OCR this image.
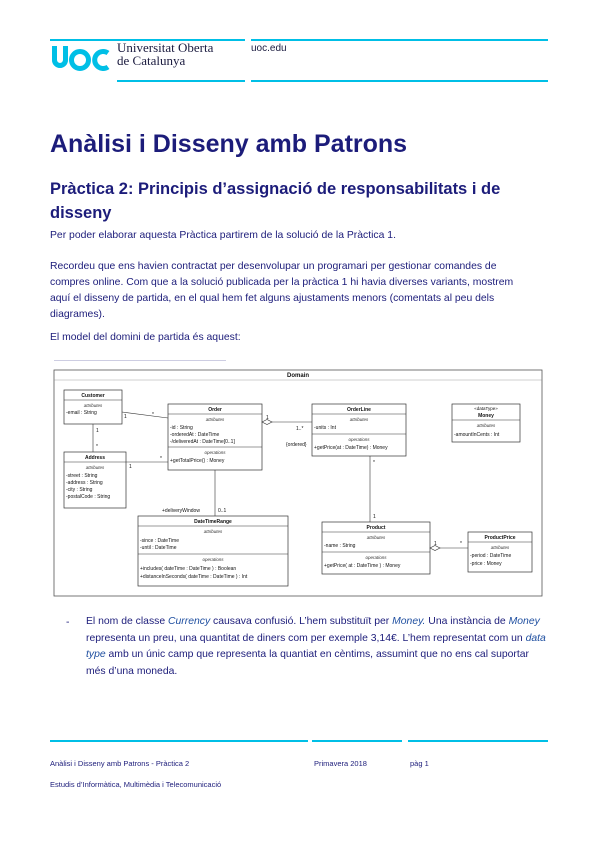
Universitat Oberta
de Catalunya
uoc.edu
Anàlisi i Disseny amb Patrons
Pràctica 2: Principis d’assignació de responsabilitats i de disseny
Per poder elaborar aquesta Pràctica partirem de la solució de la Pràctica 1.
Recordeu que ens havien contractat per desenvolupar un programari per gestionar comandes de compres online. Com que a la solució publicada per la pràctica 1 hi havia diverses variants, mostrem aquí el disseny de partida, en el qual hem fet alguns ajustaments menors (comentats al peu dels diagrames).
El model del domini de partida és aquest:
Domain
Customer
attributes
-email : String
Address
attributes
-street : String
-address : String
-city : String
-postalCode : String
Order
attributes
-id : String
-orderedAt : DateTime
-/deliveredAt : DateTime[0..1]
operations
+getTotalPrice() : Money
OrderLine
attributes
-units : Int
operations
+getPrice(at : DateTime) : Money
«dataType»
Money
attributes
-amountInCents : Int
DateTimeRange
attributes
-since : DateTime
-until : DateTime
operations
+includes( dateTime : DateTime ) : Boolean
+distanceInSeconds( dateTime : DateTime ) : Int
Product
attributes
-name : String
operations
+getPrice( at : DateTime ) : Money
ProductPrice
attributes
-period : DateTime
-price : Money
1	*
1
*
1
*
1..*
1
{ordered}
*
1
*
1
+deliveryWindow	0..1
- El nom de classe Currency causava confusió. L’hem substituït per Money. Una instància de Money representa un preu, una quantitat de diners com per exemple 3,14€. L’hem representat com un data type amb un únic camp que representa la quantiat en cèntims, assumint que no ens cal suportar més d’una moneda.
Anàlisi i Disseny amb Patrons - Pràctica 2	Primavera 2018	pàg 1
Estudis d’Informàtica, Multimèdia i Telecomunicació
